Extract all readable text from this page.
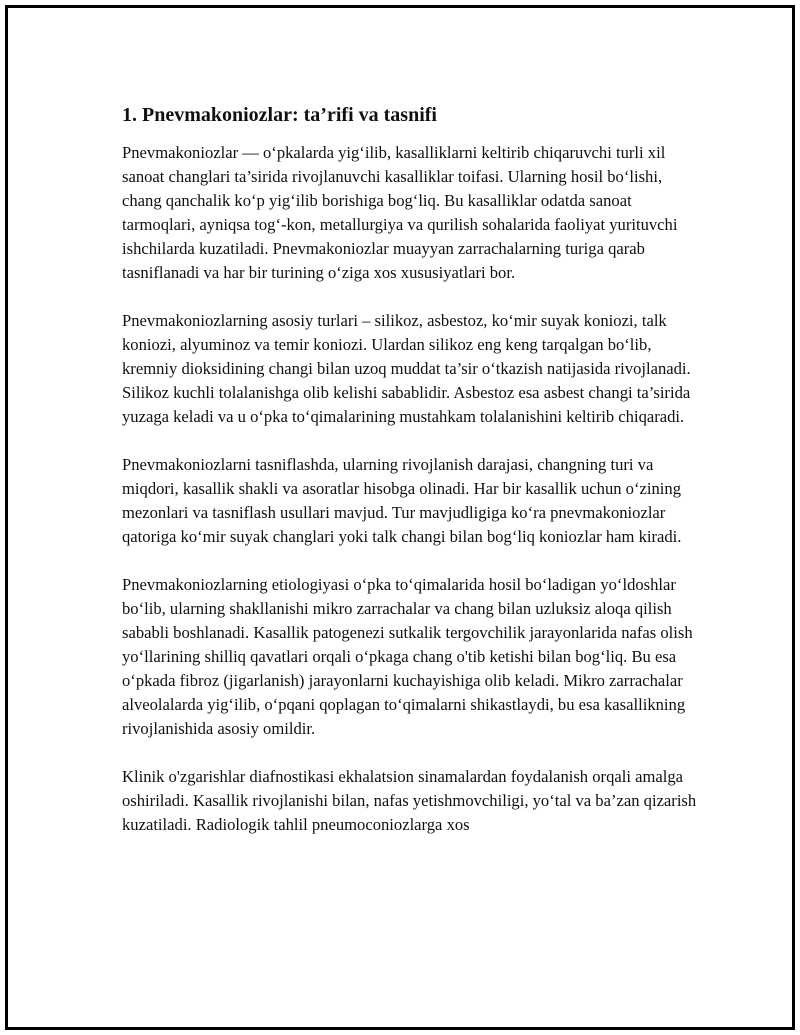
1. Pnevmakoniozlar: ta’rifi va tasnifi

Pnevmakoniozlar — o‘pkalarda yig‘ilib, kasalliklarni keltirib chiqaruvchi turli xil sanoat changlari ta’sirida rivojlanuvchi kasalliklar toifasi. Ularning hosil bo‘lishi, chang qanchalik ko‘p yig‘ilib borishiga bog‘liq. Bu kasalliklar odatda sanoat tarmoqlari, ayniqsa tog‘-kon, metallurgiya va qurilish sohalarida faoliyat yurituvchi ishchilarda kuzatiladi. Pnevmakoniozlar muayyan zarrachalarning turiga qarab tasniflanadi va har bir turining o‘ziga xos xususiyatlari bor.

Pnevmakoniozlarning asosiy turlari – silikoz, asbestoz, ko‘mir suyak koniozi, talk koniozi, alyuminoz va temir koniozi. Ulardan silikoz eng keng tarqalgan bo‘lib, kremniy dioksidining changi bilan uzoq muddat ta’sir o‘tkazish natijasida rivojlanadi. Silikoz kuchli tolalanishga olib kelishi sabablidir. Asbestoz esa asbest changi ta’sirida yuzaga keladi va u o‘pka to‘qimalarining mustahkam tolalanishini keltirib chiqaradi.

Pnevmakoniozlarni tasniflashda, ularning rivojlanish darajasi, changning turi va miqdori, kasallik shakli va asoratlar hisobga olinadi. Har bir kasallik uchun o‘zining mezonlari va tasniflash usullari mavjud. Tur mavjudligiga ko‘ra pnevmakoniozlar qatoriga ko‘mir suyak changlari yoki talk changi bilan bog‘liq koniozlar ham kiradi.

Pnevmakoniozlarning etiologiyasi o‘pka to‘qimalarida hosil bo‘ladigan yo‘ldoshlar bo‘lib, ularning shakllanishi mikro zarrachalar va chang bilan uzluksiz aloqa qilish sababli boshlanadi. Kasallik patogenezi sutkalik tergovchilik jarayonlarida nafas olish yo‘llarining shilliq qavatlari orqali o‘pkaga chang o'tib ketishi bilan bog‘liq. Bu esa o‘pkada fibroz (jigarlanish) jarayonlarni kuchayishiga olib keladi. Mikro zarrachalar alveolalarda yig‘ilib, o‘pqani qoplagan to‘qimalarni shikastlaydi, bu esa kasallikning rivojlanishida asosiy omildir.

Klinik o'zgarishlar diafnostikasi ekhalatsion sinamalardan foydalanish orqali amalga oshiriladi. Kasallik rivojlanishi bilan, nafas yetishmovchiligi, yo‘tal va ba’zan qizarish kuzatiladi. Radiologik tahlil pneumoconiozlarga xos
